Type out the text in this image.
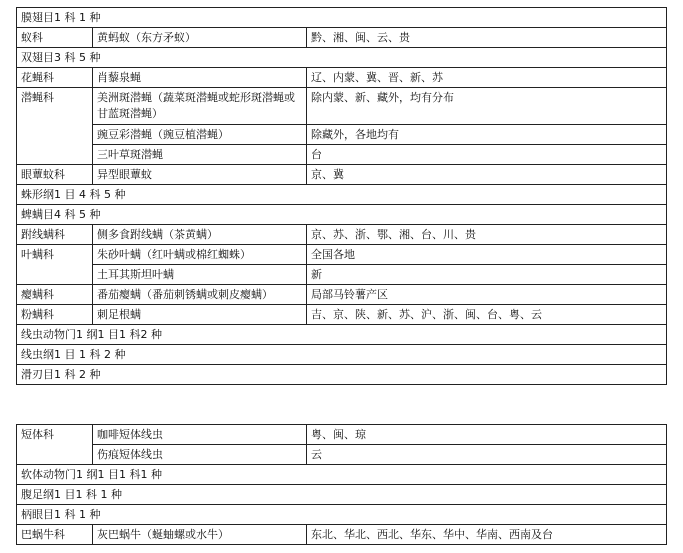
膜翅目1 科 1 种		
蚁科	黄蚂蚁（东方矛蚁）	黔、湘、闽、云、贵
双翅目3 科 5 种		
花蝇科	肖藜泉蝇	辽、内蒙、冀、晋、新、苏
潜蝇科	美洲斑潜蝇（蔬菜斑潜蝇或蛇形斑潜蝇或甘蓝斑潜蝇）	除内蒙、新、藏外，均有分布
	豌豆彩潜蝇（豌豆植潜蝇）	除藏外，各地均有
	三叶草斑潜蝇	台
眼蕈蚊科	异型眼蕈蚊	京、冀
蛛形纲1 目 4 科 5 种		
蜱螨目4 科 5 种		
跗线螨科	侧多食跗线螨（茶黄螨）	京、苏、浙、鄂、湘、台、川、贵
叶螨科	朱砂叶螨（红叶螨或棉红蜘蛛）	全国各地
	土耳其斯坦叶螨	新
瘿螨科	番茄瘿螨（番茄刺锈螨或刺皮瘿螨）	局部马铃薯产区
粉螨科	刺足根螨	吉、京、陕、新、苏、沪、浙、闽、台、粤、云
线虫动物门1 纲1 目1 科2 种		
线虫纲1 目 1 科 2 种		
滑刃目1 科 2 种		
短体科	咖啡短体线虫	粤、闽、琼
	伤痕短体线虫	云
软体动物门1 纲1 目1 科1 种		
腹足纲1 目1 科 1 种		
柄眼目1 科 1 种		
巴蜗牛科	灰巴蜗牛（蜒蚰螺或水牛）	东北、华北、西北、华东、华中、华南、西南及台
